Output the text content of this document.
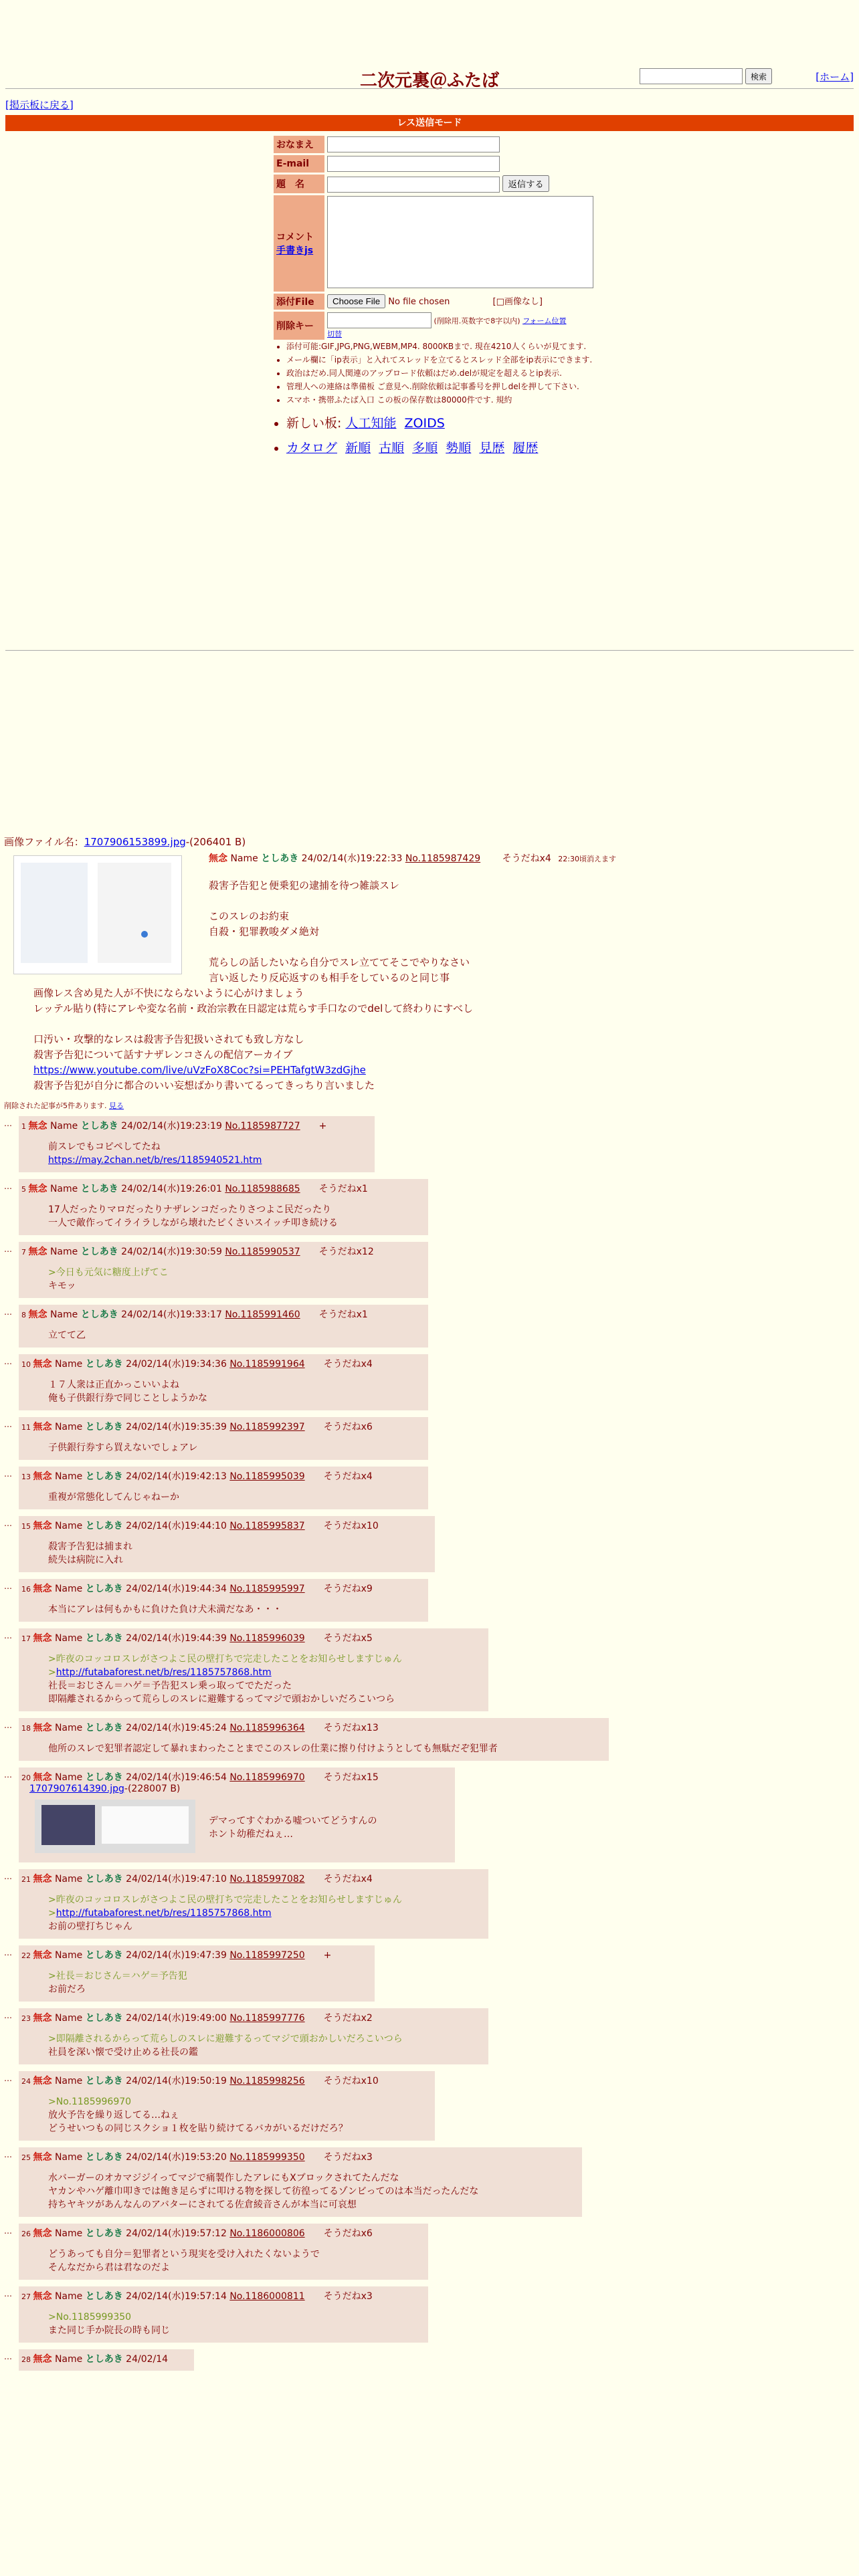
二次元裏＠ふたば	検索	[ホーム]
[掲示板に戻る]
レス送信モード
おなまえ	
E-mail	
題　名	返信する
コメント
手書きjs	
添付File	Choose File No file chosen [□画像なし]
削除キー	(削除用.英数字で8字以内) フォーム位置
切替
• 添付可能:GIF,JPG,PNG,WEBM,MP4. 8000KBまで. 現在4210人くらいが見てます.
• メール欄に「ip表示」と入れてスレッドを立てるとスレッド全部をip表示にできます.
• 政治はだめ.同人関連のアップロード依頼はだめ.delが規定を超えるとip表示.
• 管理人への連絡は準備板 ご意見へ.削除依頼は記事番号を押しdelを押して下さい.
• スマホ・携帯ふたば入口 この板の保存数は80000件です. 規約
• 新しい板: 人工知能 ZOIDS
• カタログ 新順 古順 多順 勢順 見歴 履歴
画像ファイル名：1707906153899.jpg-(206401 B)
無念 Name としあき 24/02/14(水)19:22:33 No.1185987429 そうだねx4 22:30頃消えます

殺害予告犯と便乗犯の逮捕を待つ雑談スレ

このスレのお約束

自殺・犯罪教唆ダメ絶対

荒らしの話したいなら自分でスレ立ててそこでやりなさい

言い返したり反応返すのも相手をしているのと同じ事

画像レス含め見た人が不快にならないように心がけましょう

レッテル貼り(特にアレや変な名前・政治宗教在日認定は荒らす手口なのでdelして終わりにすべし

口汚い・攻撃的なレスは殺害予告犯扱いされても致し方なし

殺害予告犯について話すナザレンコさんの配信アーカイブ

https://www.youtube.com/live/uVzFoX8Coc?si=PEHTafgtW3zdGjhe

殺害予告犯が自分に都合のいい妄想ばかり書いてるってきっちり言いました

削除された記事が5件あります. 見る
…	1 無念 Name としあき 24/02/14(水)19:23:19 No.1185987727 +

前スレでもコピペしてたね

https://may.2chan.net/b/res/1185940521.htm

…	5 無念 Name としあき 24/02/14(水)19:26:01 No.1185988685 そうだねx1

17人だったりマロだったりナザレンコだったりさつよこ民だったり

一人で敵作ってイライラしながら壊れたピくさいスイッチ叩き続ける

…	7 無念 Name としあき 24/02/14(水)19:30:59 No.1185990537 そうだねx12

>今日も元気に糖度上げてこ

キモッ

…	8 無念 Name としあき 24/02/14(水)19:33:17 No.1185991460 そうだねx1

立てて乙

…	10 無念 Name としあき 24/02/14(水)19:34:36 No.1185991964 そうだねx4

１７人衆は正直かっこいいよね

俺も子供銀行券で同じことしようかな

…	11 無念 Name としあき 24/02/14(水)19:35:39 No.1185992397 そうだねx6

子供銀行券すら買えないでしょアレ

…	13 無念 Name としあき 24/02/14(水)19:42:13 No.1185995039 そうだねx4

重複が常態化してんじゃねーか

…	15 無念 Name としあき 24/02/14(水)19:44:10 No.1185995837 そうだねx10

殺害予告犯は捕まれ

続失は病院に入れ

…	16 無念 Name としあき 24/02/14(水)19:44:34 No.1185995997 そうだねx9

本当にアレは何もかもに負けた負け犬未満だなあ・・・

…	17 無念 Name としあき 24/02/14(水)19:44:39 No.1185996039 そうだねx5

>昨夜のコッコロスレがさつよこ民の壁打ちで完走したことをお知らせしますじゅん

>http://futabaforest.net/b/res/1185757868.htm

社長＝おじさん＝ハゲ＝予告犯スレ乗っ取ってでただった

即隔離されるからって荒らしのスレに避難するってマジで頭おかしいだろこいつら

…	18 無念 Name としあき 24/02/14(水)19:45:24 No.1185996364 そうだねx13

他所のスレで犯罪者認定して暴れまわったことまでこのスレの仕業に擦り付けようとしても無駄だぞ犯罪者

…	20 無念 Name としあき 24/02/14(水)19:46:54 No.1185996970 そうだねx15
1707907614390.jpg-(228007 B)

デマってすぐわかる嘘ついてどうすんの

ホント幼稚だねぇ…

…	21 無念 Name としあき 24/02/14(水)19:47:10 No.1185997082 そうだねx4

>昨夜のコッコロスレがさつよこ民の壁打ちで完走したことをお知らせしますじゅん

>http://futabaforest.net/b/res/1185757868.htm

お前の壁打ちじゃん

…	22 無念 Name としあき 24/02/14(水)19:47:39 No.1185997250 +

>社長＝おじさん＝ハゲ＝予告犯

お前だろ

…	23 無念 Name としあき 24/02/14(水)19:49:00 No.1185997776 そうだねx2

>即隔離されるからって荒らしのスレに避難するってマジで頭おかしいだろこいつら

社員を深い懐で受け止める社長の鑑

…	24 無念 Name としあき 24/02/14(水)19:50:19 No.1185998256 そうだねx10

>No.1185996970

放火予告を繰り返してる…ねぇ

どうせいつもの同じスクショ１枚を貼り続けてるバカがいるだけだろ？

…	25 無念 Name としあき 24/02/14(水)19:53:20 No.1185999350 そうだねx3

水バーガーのオカマジジイってマジで痛製作したアレにもXブロックされてたんだな

ヤカンやハゲ離巾叩きでは飽き足らずに叩ける物を探して彷徨ってるゾンビってのは本当だったんだな

持ちヤキツがあんなんのアバターにされてる佐倉綾音さんが本当に可哀想

…	26 無念 Name としあき 24/02/14(水)19:57:12 No.1186000806 そうだねx6

どうあっても自分＝犯罪者という現実を受け入れたくないようで

そんなだから君は君なのだよ

…	27 無念 Name としあき 24/02/14(水)19:57:14 No.1186000811 そうだねx3

>No.1185999350

また同じ手か院長の時も同じ

…	28 無念 Name としあき 24/02/14
